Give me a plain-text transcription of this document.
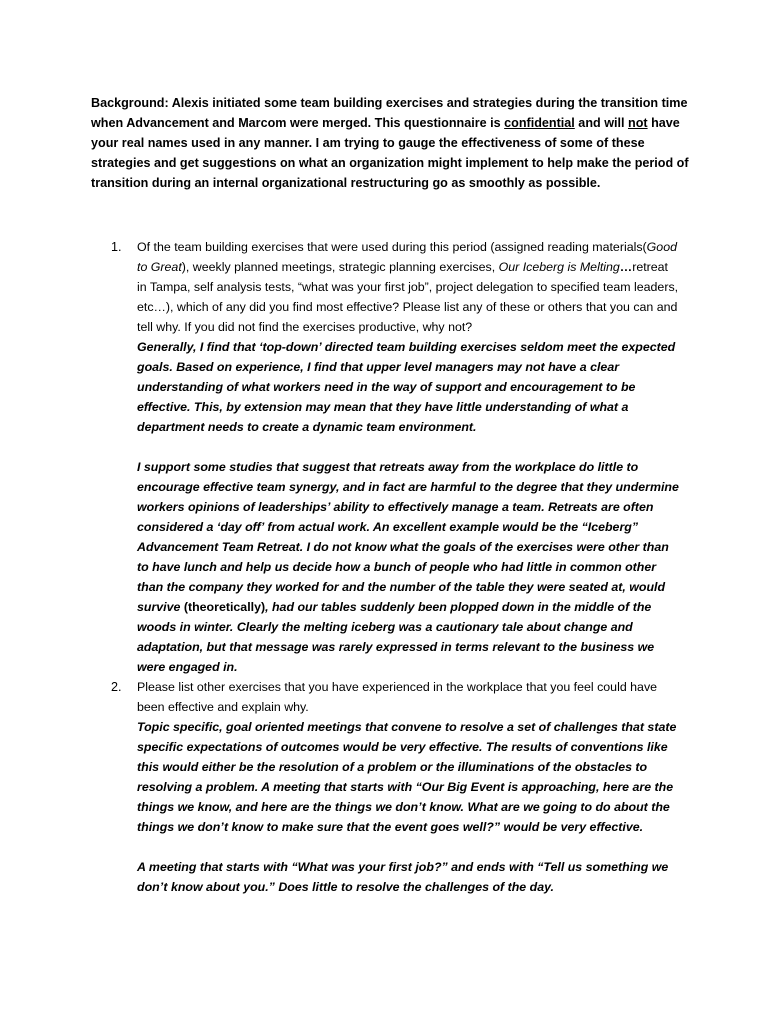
Background: Alexis initiated some team building exercises and strategies during the transition time when Advancement and Marcom were merged. This questionnaire is confidential and will not have your real names used in any manner. I am trying to gauge the effectiveness of some of these strategies and get suggestions on what an organization might implement to help make the period of transition during an internal organizational restructuring go as smoothly as possible.

1.	Of the team building exercises that were used during this period (assigned reading materials(Good to Great), weekly planned meetings, strategic planning exercises, Our Iceberg is Melting…retreat in Tampa, self analysis tests, “what was your first job”, project delegation to specified team leaders, etc…), which of any did you find most effective? Please list any of these or others that you can and tell why. If you did not find the exercises productive, why not?

Generally, I find that ‘top-down’ directed team building exercises seldom meet the expected goals. Based on experience, I find that upper level managers may not have a clear understanding of what workers need in the way of support and encouragement to be effective. This, by extension may mean that they have little understanding of what a department needs to create a dynamic team environment.

I support some studies that suggest that retreats away from the workplace do little to encourage effective team synergy, and in fact are harmful to the degree that they undermine workers opinions of leaderships’ ability to effectively manage a team. Retreats are often considered a ‘day off’ from actual work. An excellent example would be the “Iceberg” Advancement Team Retreat. I do not know what the goals of the exercises were other than to have lunch and help us decide how a bunch of people who had little in common other than the company they worked for and the number of the table they were seated at, would survive (theoretically), had our tables suddenly been plopped down in the middle of the woods in winter. Clearly the melting iceberg was a cautionary tale about change and adaptation, but that message was rarely expressed in terms relevant to the business we were engaged in.

2.	Please list other exercises that you have experienced in the workplace that you feel could have been effective and explain why.

Topic specific, goal oriented meetings that convene to resolve a set of challenges that state specific expectations of outcomes would be very effective. The results of conventions like this would either be the resolution of a problem or the illuminations of the obstacles to resolving a problem. A meeting that starts with “Our Big Event is approaching, here are the things we know, and here are the things we don’t know. What are we going to do about the things we don’t know to make sure that the event goes well?” would be very effective.

A meeting that starts with “What was your first job?” and ends with “Tell us something we don’t know about you.” Does little to resolve the challenges of the day.
